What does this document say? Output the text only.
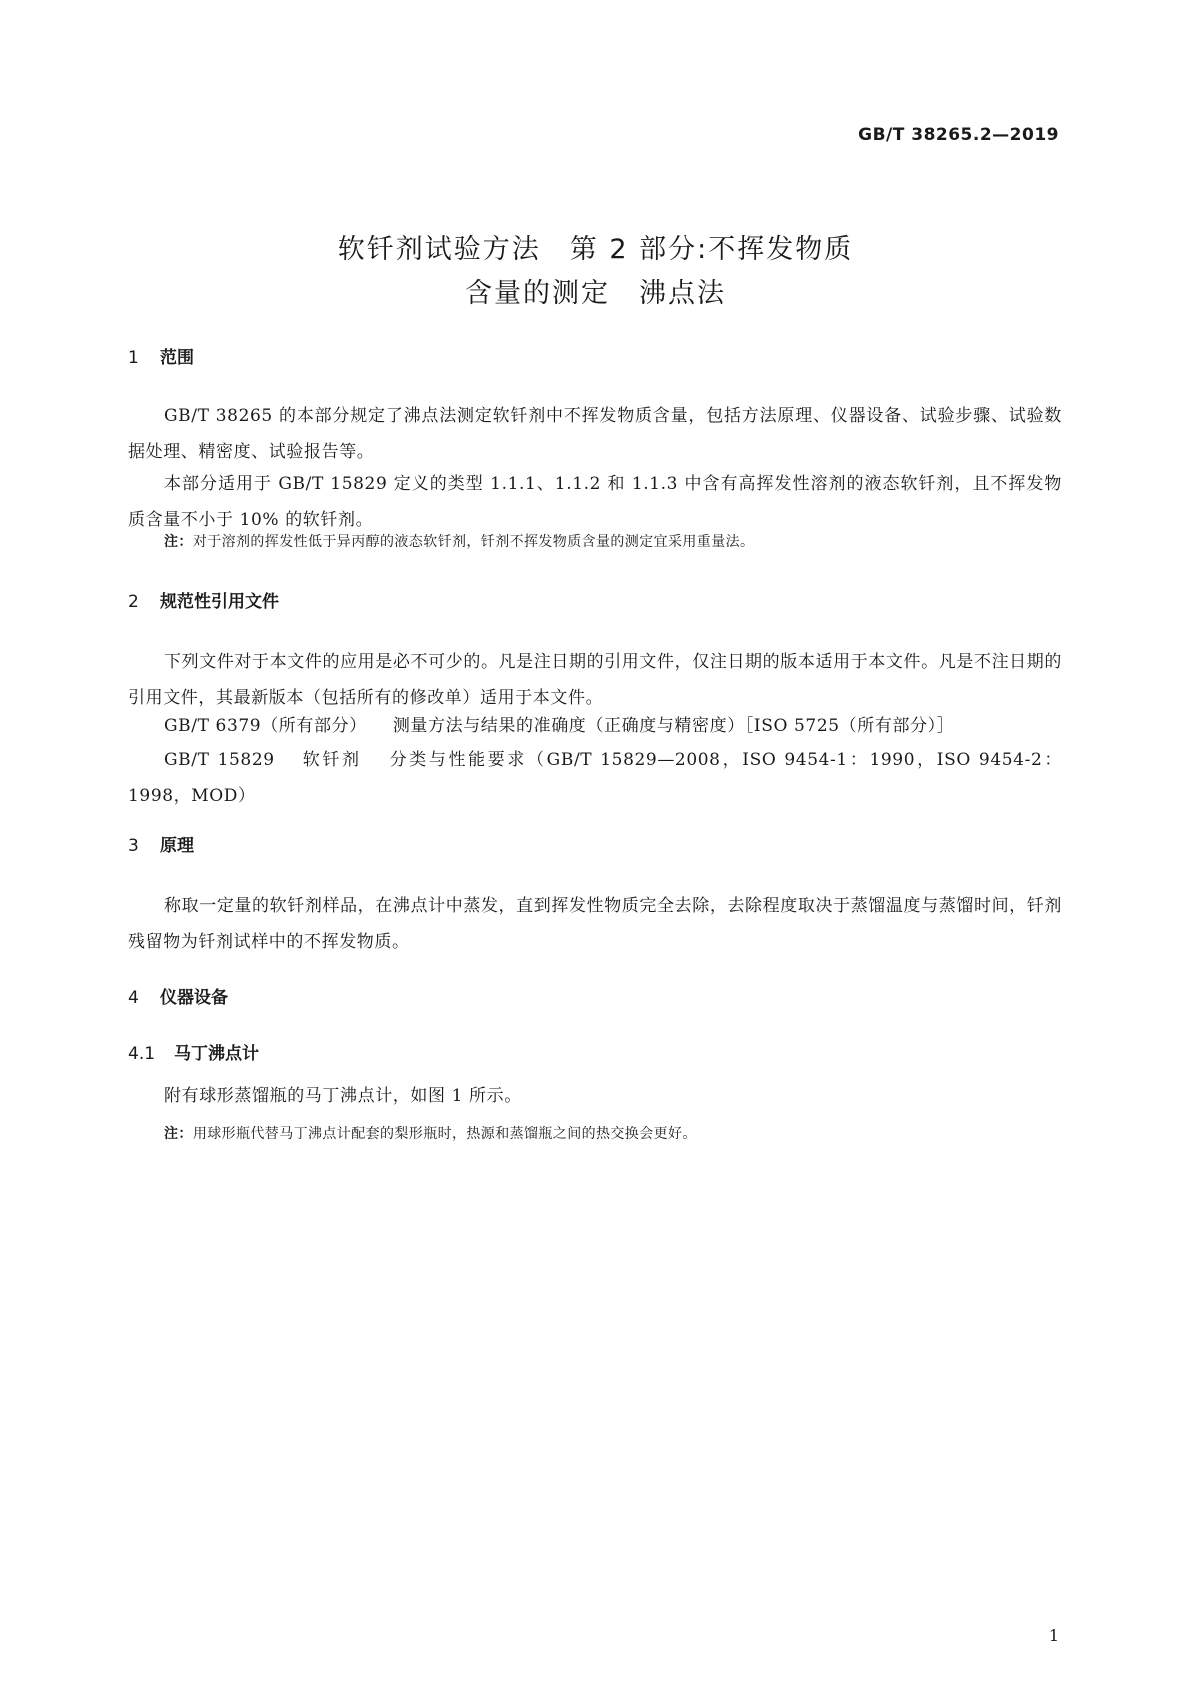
GB/T 38265.2—2019
软钎剂试验方法　第 2 部分:不挥发物质
含量的测定　沸点法
1 范围
GB/T 38265 的本部分规定了沸点法测定软钎剂中不挥发物质含量，包括方法原理、仪器设备、试验步骤、试验数据处理、精密度、试验报告等。
本部分适用于 GB/T 15829 定义的类型 1.1.1、1.1.2 和 1.1.3 中含有高挥发性溶剂的液态软钎剂，且不挥发物质含量不小于 10% 的软钎剂。
注：对于溶剂的挥发性低于异丙醇的液态软钎剂，钎剂不挥发物质含量的测定宜采用重量法。
2 规范性引用文件
下列文件对于本文件的应用是必不可少的。凡是注日期的引用文件，仅注日期的版本适用于本文件。凡是不注日期的引用文件，其最新版本（包括所有的修改单）适用于本文件。
GB/T 6379（所有部分） 测量方法与结果的准确度（正确度与精密度）［ISO 5725（所有部分）］
GB/T 15829 软钎剂 分类与性能要求（GB/T 15829—2008，ISO 9454-1：1990，ISO 9454-2：
1998，MOD）
3 原理
称取一定量的软钎剂样品，在沸点计中蒸发，直到挥发性物质完全去除，去除程度取决于蒸馏温度与蒸馏时间，钎剂残留物为钎剂试样中的不挥发物质。
4 仪器设备
4.1 马丁沸点计
附有球形蒸馏瓶的马丁沸点计，如图 1 所示。
注：用球形瓶代替马丁沸点计配套的梨形瓶时，热源和蒸馏瓶之间的热交换会更好。
1
